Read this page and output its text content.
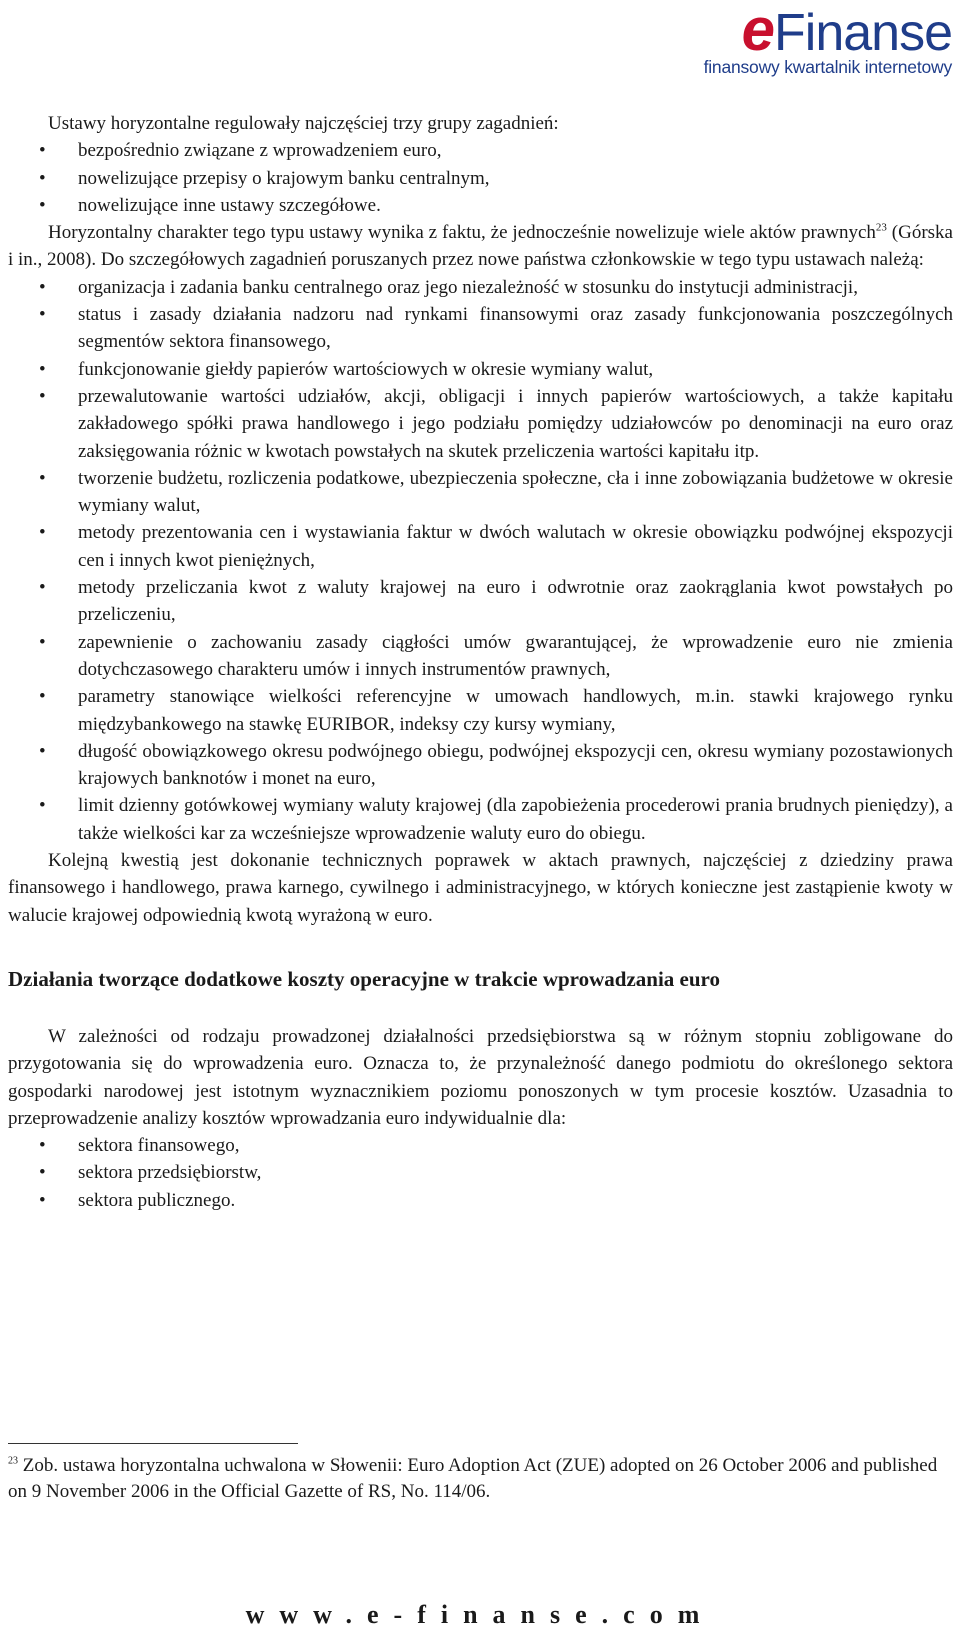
eFinanse
finansowy kwartalnik internetowy

Ustawy horyzontalne regulowały najczęściej trzy grupy zagadnień:

• bezpośrednio związane z wprowadzeniem euro,
• nowelizujące przepisy o krajowym banku centralnym,
• nowelizujące inne ustawy szczegółowe.

Horyzontalny charakter tego typu ustawy wynika z faktu, że jednocześnie nowelizuje wiele aktów prawnych$^{23}$ (Górska i in., 2008). Do szczegółowych zagadnień poruszanych przez nowe państwa członkowskie w tego typu ustawach należą:

• organizacja i zadania banku centralnego oraz jego niezależność w stosunku do instytucji administracji,
• status i zasady działania nadzoru nad rynkami finansowymi oraz zasady funkcjonowania poszczególnych segmentów sektora finansowego,
• funkcjonowanie giełdy papierów wartościowych w okresie wymiany walut,
• przewalutowanie wartości udziałów, akcji, obligacji i innych papierów wartościowych, a także kapitału zakładowego spółki prawa handlowego i jego podziału pomiędzy udziałowców po denominacji na euro oraz zaksięgowania różnic w kwotach powstałych na skutek przeliczenia wartości kapitału itp.
• tworzenie budżetu, rozliczenia podatkowe, ubezpieczenia społeczne, cła i inne zobowiązania budżetowe w okresie wymiany walut,
• metody prezentowania cen i wystawiania faktur w dwóch walutach w okresie obowiązku podwójnej ekspozycji cen i innych kwot pieniężnych,
• metody przeliczania kwot z waluty krajowej na euro i odwrotnie oraz zaokrąglania kwot powstałych po przeliczeniu,
• zapewnienie o zachowaniu zasady ciągłości umów gwarantującej, że wprowadzenie euro nie zmienia dotychczasowego charakteru umów i innych instrumentów prawnych,
• parametry stanowiące wielkości referencyjne w umowach handlowych, m.in. stawki krajowego rynku międzybankowego na stawkę EURIBOR, indeksy czy kursy wymiany,
• długość obowiązkowego okresu podwójnego obiegu, podwójnej ekspozycji cen, okresu wymiany pozostawionych krajowych banknotów i monet na euro,
• limit dzienny gotówkowej wymiany waluty krajowej (dla zapobieżenia procederowi prania brudnych pieniędzy), a także wielkości kar za wcześniejsze wprowadzenie waluty euro do obiegu.

Kolejną kwestią jest dokonanie technicznych poprawek w aktach prawnych, najczęściej z dziedziny prawa finansowego i handlowego, prawa karnego, cywilnego i administracyjnego, w których konieczne jest zastąpienie kwoty w walucie krajowej odpowiednią kwotą wyrażoną w euro.

Działania tworzące dodatkowe koszty operacyjne w trakcie wprowadzania euro

W zależności od rodzaju prowadzonej działalności przedsiębiorstwa są w różnym stopniu zobligowane do przygotowania się do wprowadzenia euro. Oznacza to, że przynależność danego podmiotu do określonego sektora gospodarki narodowej jest istotnym wyznacznikiem poziomu ponoszonych w tym procesie kosztów. Uzasadnia to przeprowadzenie analizy kosztów wprowadzania euro indywidualnie dla:

• sektora finansowego,
• sektora przedsiębiorstw,
• sektora publicznego.
$^{23}$ Zob. ustawa horyzontalna uchwalona w Słowenii: Euro Adoption Act (ZUE) adopted on 26 October 2006 and published on 9 November 2006 in the Official Gazette of RS, No. 114/06.
www.e-finanse.com
